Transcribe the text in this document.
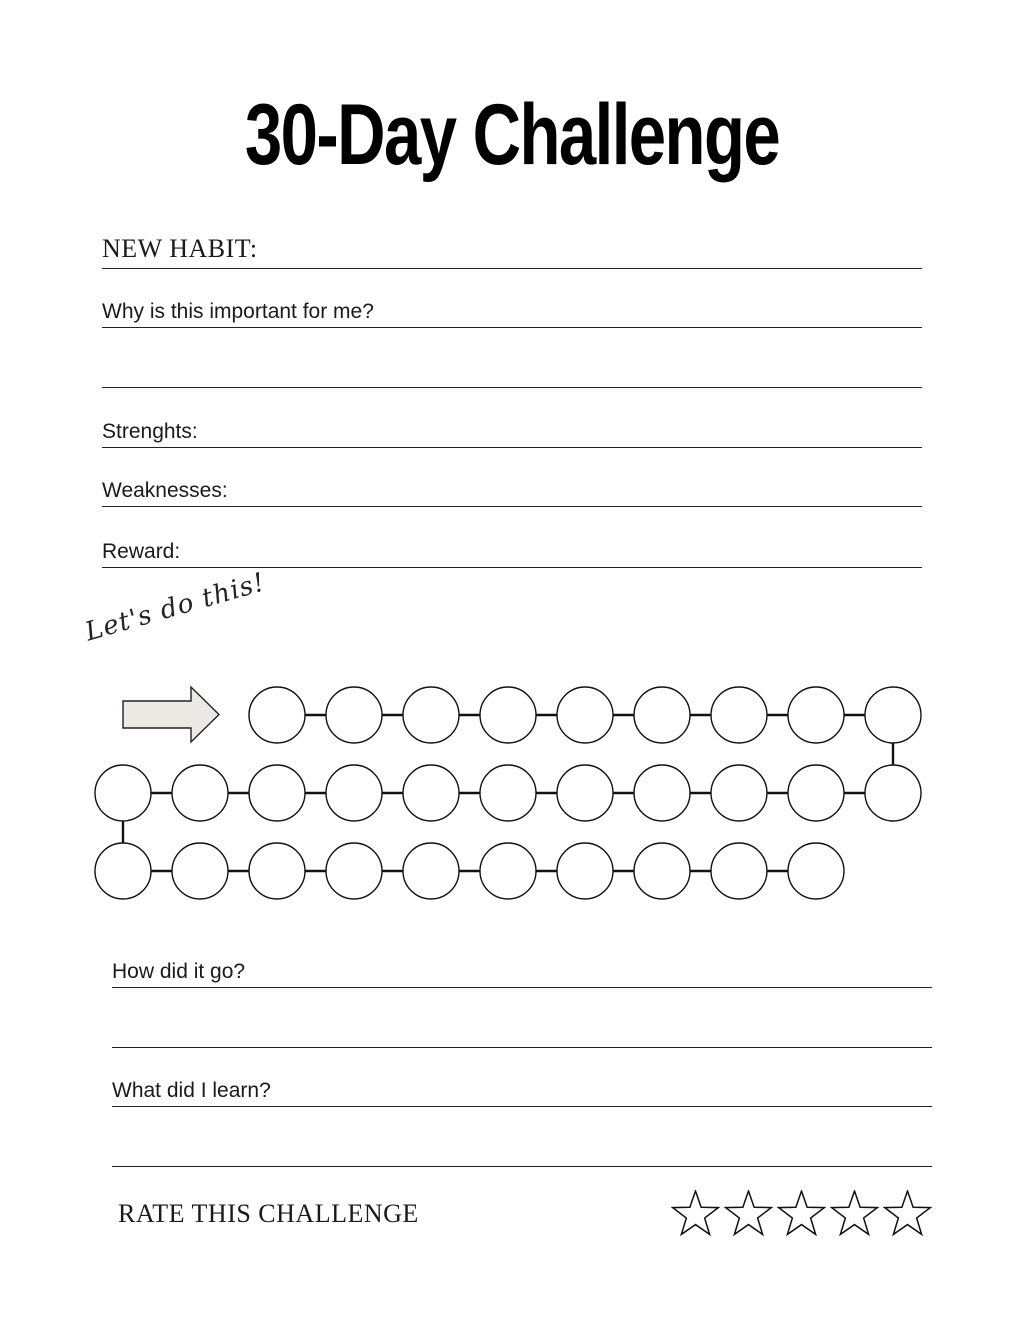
30-Day Challenge
NEW HABIT:
Why is this important for me?
Strenghts:
Weaknesses:
Reward:
Let's do this!
How did it go?
What did I learn?
RATE THIS CHALLENGE
